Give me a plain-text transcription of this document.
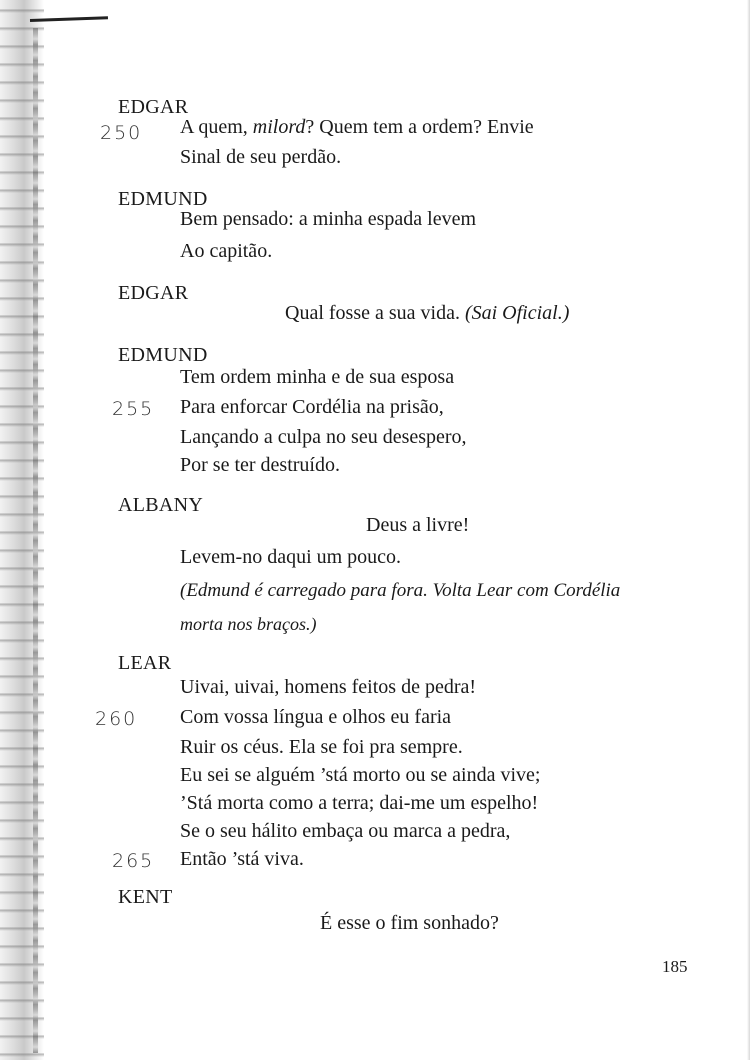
EDGAR
250 A quem, milord? Quem tem a ordem? Envie
Sinal de seu perdão.
EDMUND
Bem pensado: a minha espada levem
Ao capitão.
EDGAR
Qual fosse a sua vida. (Sai Oficial.)
EDMUND
Tem ordem minha e de sua esposa
255 Para enforcar Cordélia na prisão,
Lançando a culpa no seu desespero,
Por se ter destruído.
ALBANY
Deus a livre!
Levem-no daqui um pouco.
(Edmund é carregado para fora. Volta Lear com Cordélia
morta nos braços.)
LEAR
Uivai, uivai, homens feitos de pedra!
260 Com vossa língua e olhos eu faria
Ruir os céus. Ela se foi pra sempre.
Eu sei se alguém ’stá morto ou se ainda vive;
’Stá morta como a terra; dai-me um espelho!
Se o seu hálito embaça ou marca a pedra,
265 Então ’stá viva.
KENT
É esse o fim sonhado?
185
